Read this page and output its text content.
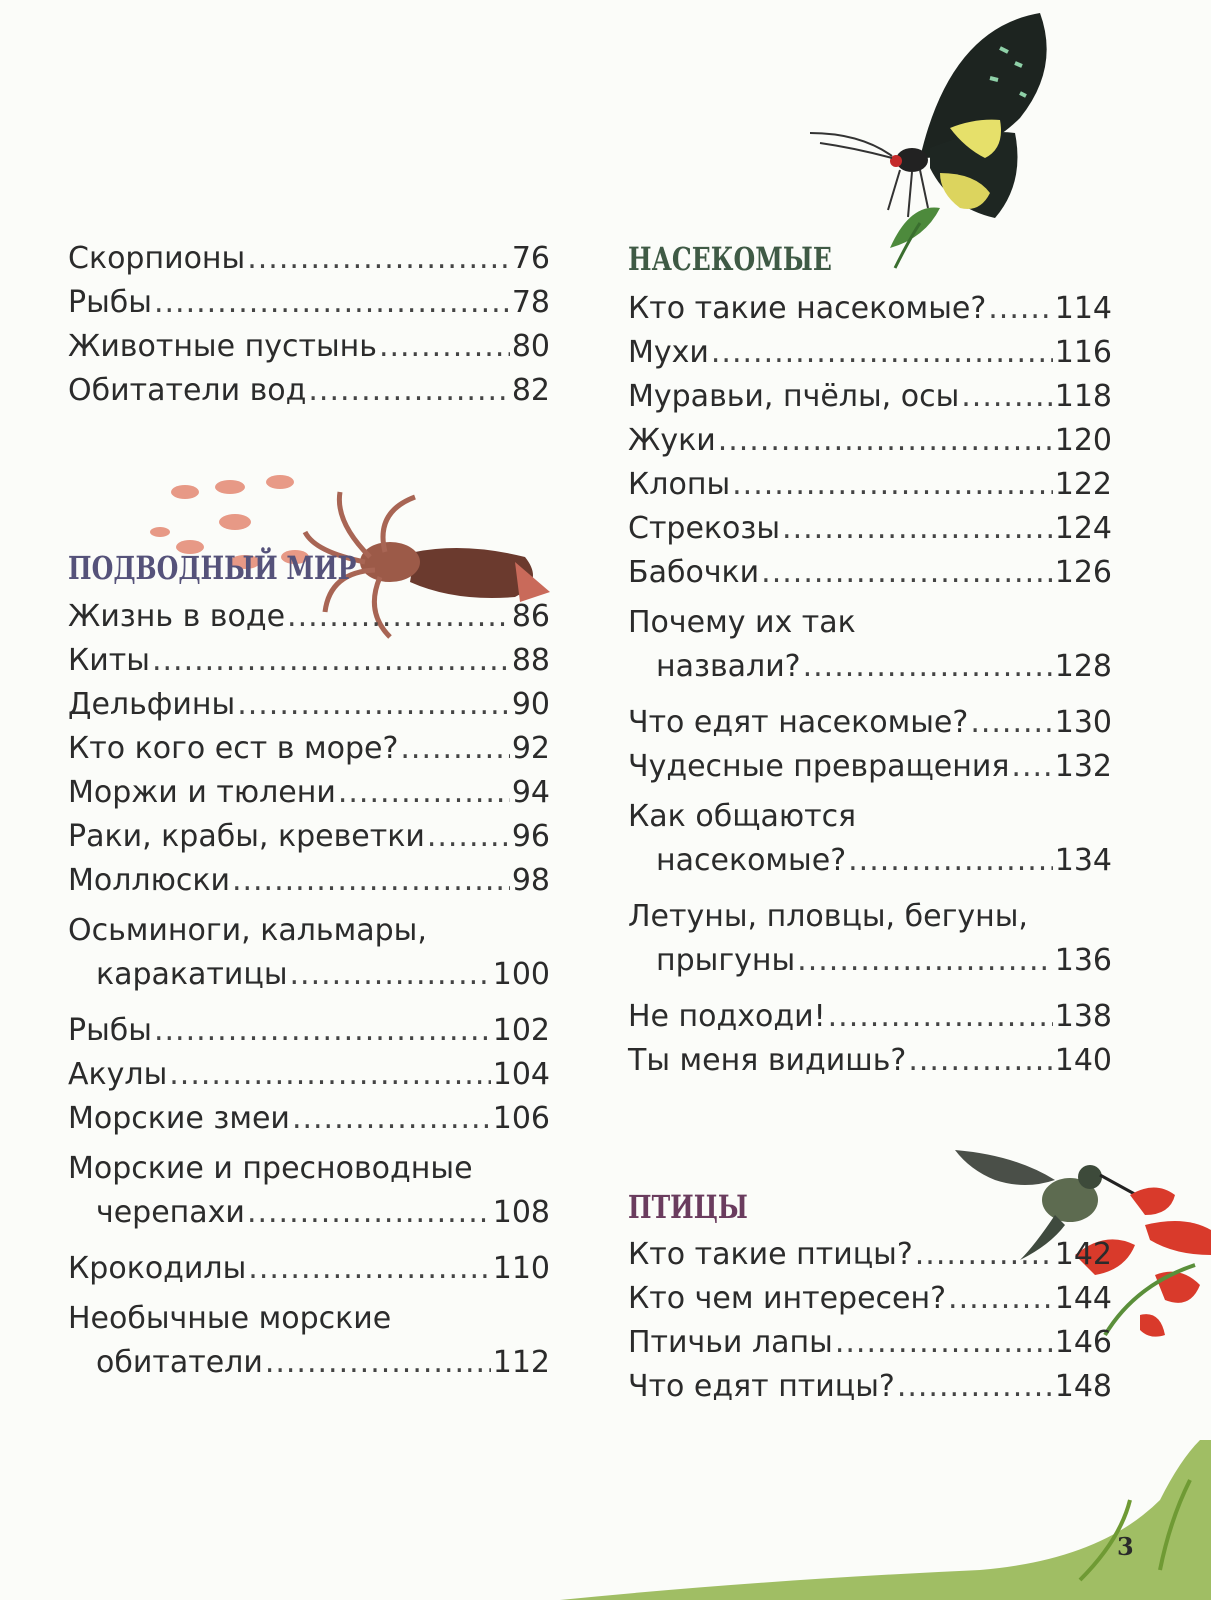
Скорпионы .....	76
Рыбы .....	78
Животные пустынь .....	80
Обитатели вод .....	82
ПОДВОДНЫЙ МИР
Жизнь в воде .....	86
Киты .....	88
Дельфины .....	90
Кто кого ест в море? .....	92
Моржи и тюлени .....	94
Раки, крабы, креветки .....	96
Моллюски .....	98
Осьминоги, кальмары,
каракатицы .....	100
Рыбы .....	102
Акулы .....	104
Морские змеи .....	106
Морские и пресноводные
черепахи .....	108
Крокодилы .....	110
Необычные морские
обитатели .....	112
НАСЕКОМЫЕ
Кто такие насекомые? ..... 114
Мухи .....	116
Муравьи, пчёлы, осы .....	118
Жуки .....	120
Клопы .....	122
Стрекозы .....	124
Бабочки .....	126
Почему их так
назвали? .....	128
Что едят насекомые? .....	130
Чудесные превращения ..... 132
Как общаются
насекомые? .....	134
Летуны, пловцы, бегуны,
прыгуны .....	136
Не подходи! .....	138
Ты меня видишь? .....	140
ПТИЦЫ
Кто такие птицы? .....	142
Кто чем интересен? .....	144
Птичьи лапы .....	146
Что едят птицы? .....	148
3
